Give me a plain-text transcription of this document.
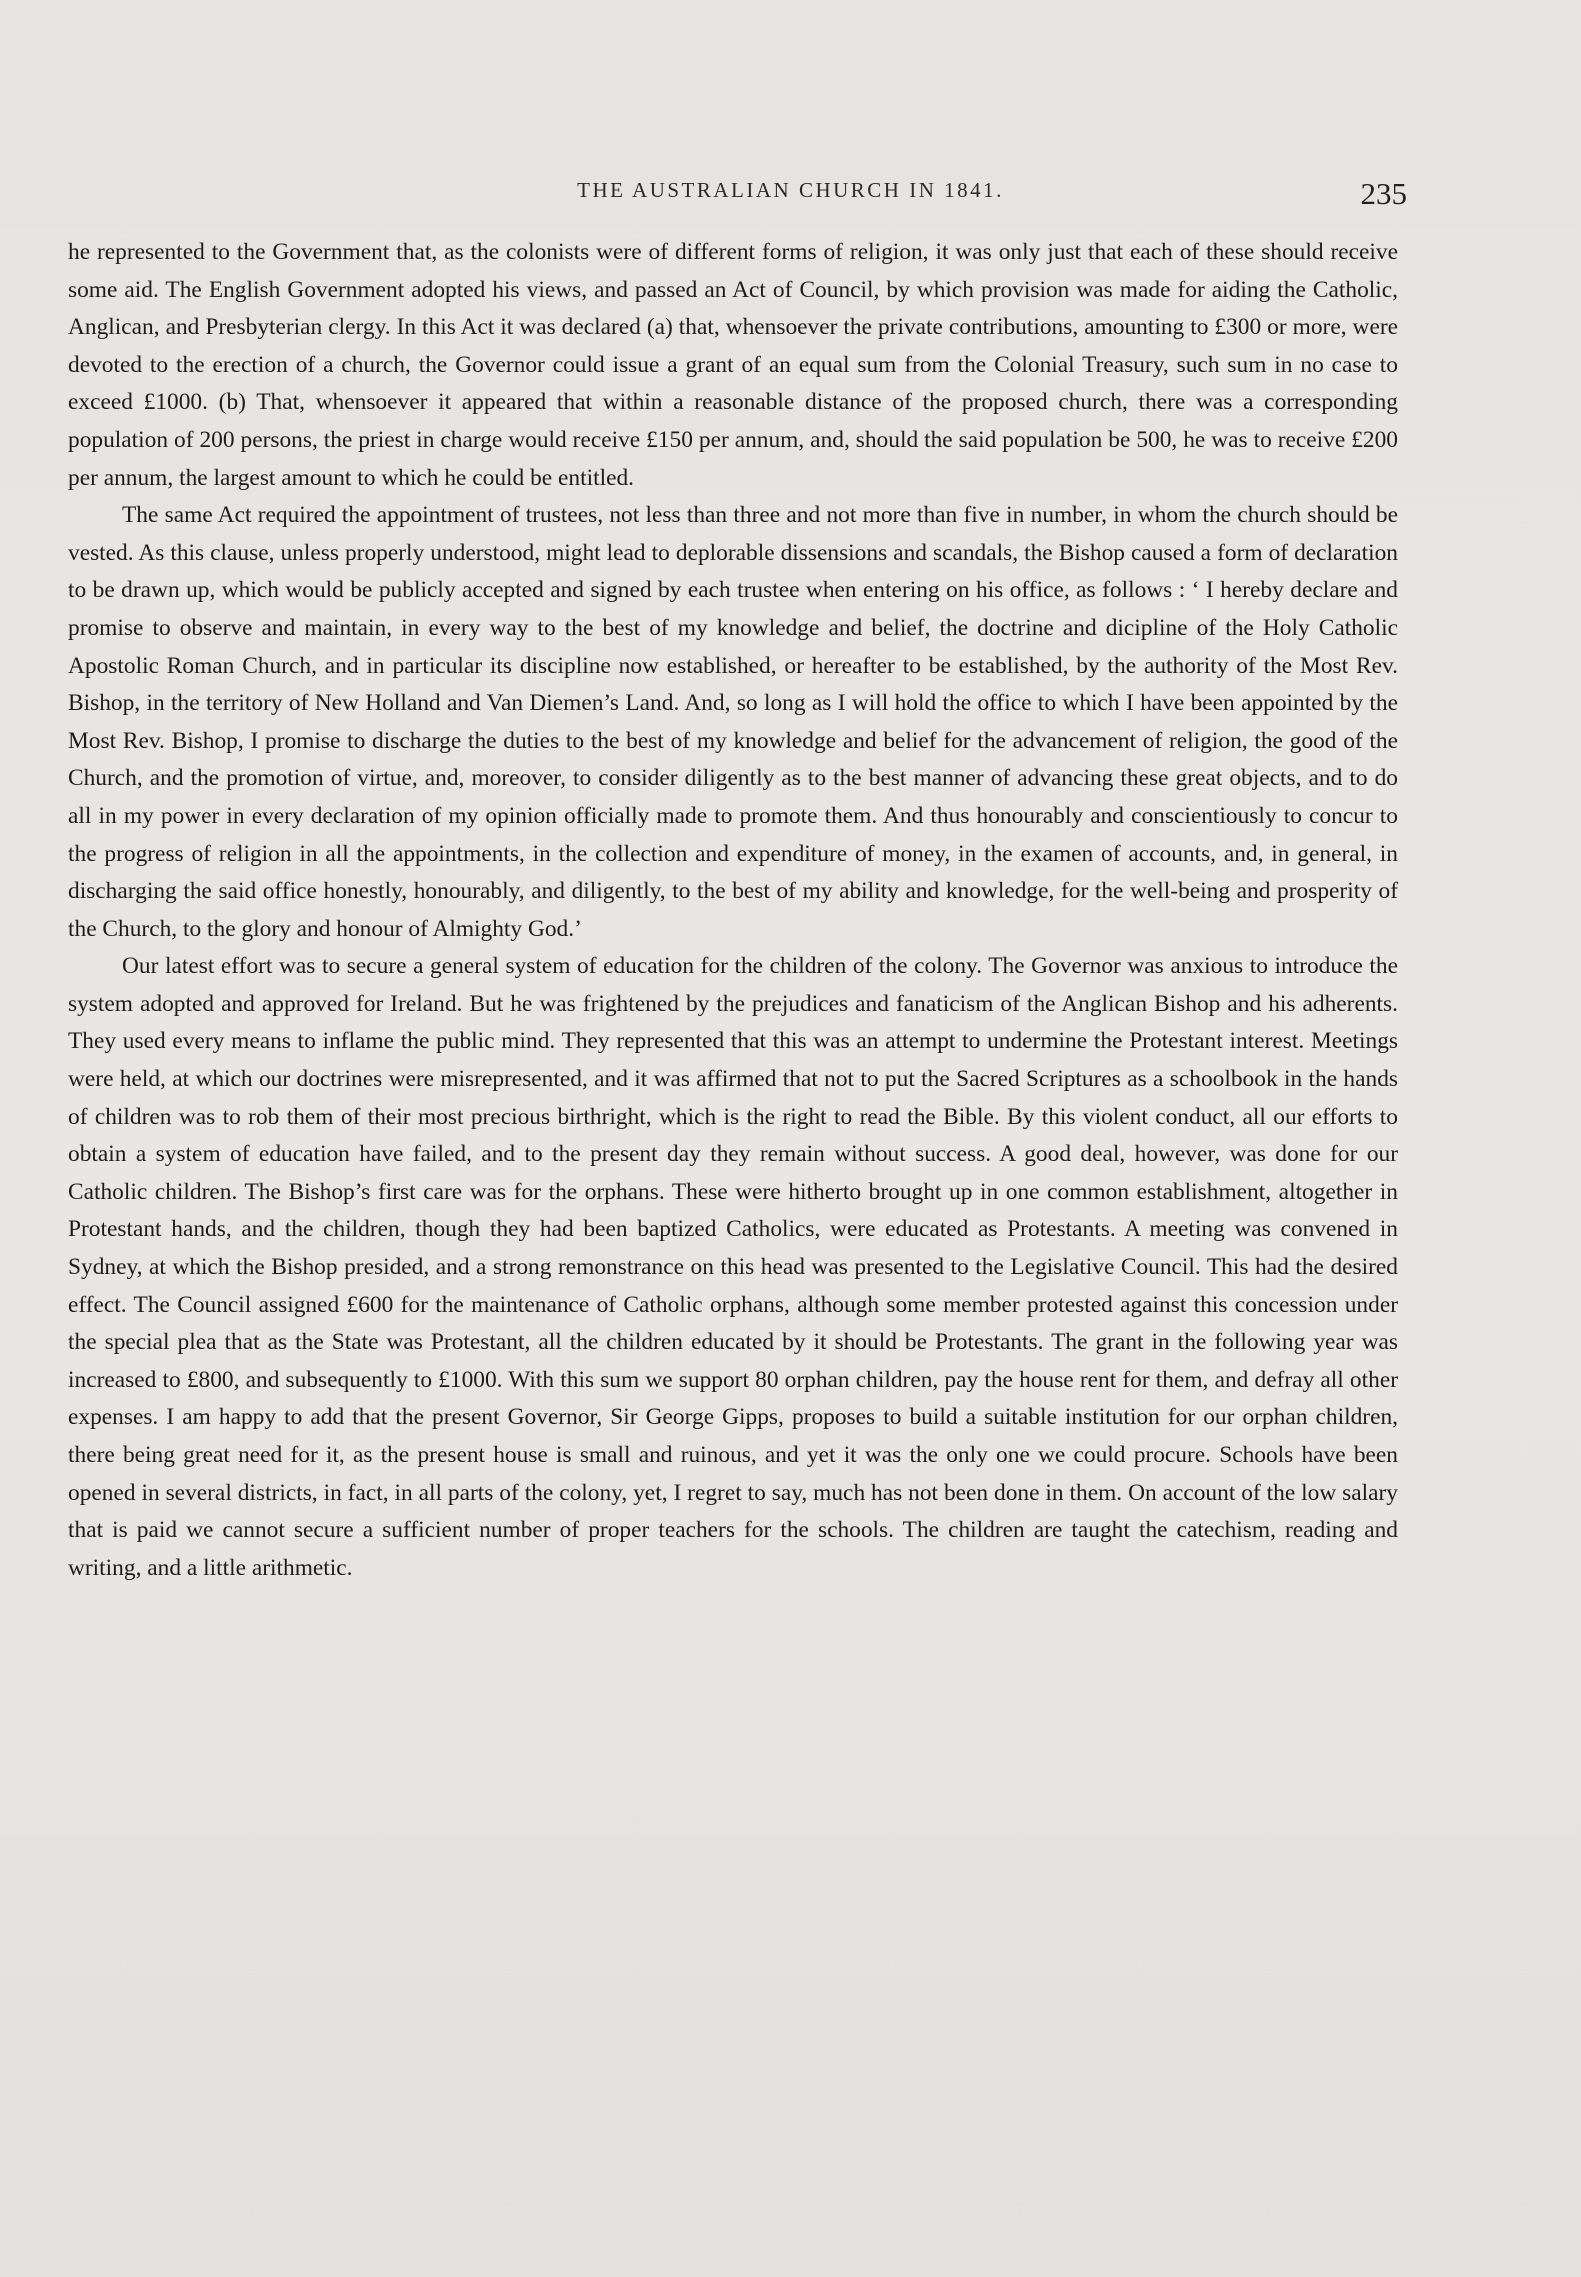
THE AUSTRALIAN CHURCH IN 1841.	235

he represented to the Government that, as the colonists were of different forms of religion, it was only just that each of these should receive some aid. The English Government adopted his views, and passed an Act of Council, by which provision was made for aiding the Catholic, Anglican, and Presbyterian clergy. In this Act it was declared (a) that, whensoever the private contributions, amounting to £300 or more, were devoted to the erection of a church, the Governor could issue a grant of an equal sum from the Colonial Treasury, such sum in no case to exceed £1000. (b) That, whensoever it appeared that within a reasonable distance of the proposed church, there was a corresponding population of 200 persons, the priest in charge would receive £150 per annum, and, should the said population be 500, he was to receive £200 per annum, the largest amount to which he could be entitled.

The same Act required the appointment of trustees, not less than three and not more than five in number, in whom the church should be vested. As this clause, unless properly understood, might lead to deplorable dissensions and scandals, the Bishop caused a form of declaration to be drawn up, which would be publicly accepted and signed by each trustee when entering on his office, as follows : ‘ I hereby declare and promise to observe and maintain, in every way to the best of my knowledge and belief, the doctrine and dicipline of the Holy Catholic Apostolic Roman Church, and in particular its discipline now established, or hereafter to be established, by the authority of the Most Rev. Bishop, in the territory of New Holland and Van Diemen’s Land. And, so long as I will hold the office to which I have been appointed by the Most Rev. Bishop, I promise to discharge the duties to the best of my knowledge and belief for the advancement of religion, the good of the Church, and the promotion of virtue, and, moreover, to consider diligently as to the best manner of advancing these great objects, and to do all in my power in every declaration of my opinion officially made to promote them. And thus honourably and conscientiously to concur to the progress of religion in all the appointments, in the collection and expenditure of money, in the examen of accounts, and, in general, in discharging the said office honestly, honourably, and diligently, to the best of my ability and knowledge, for the well-being and prosperity of the Church, to the glory and honour of Almighty God.’

Our latest effort was to secure a general system of education for the children of the colony. The Governor was anxious to introduce the system adopted and approved for Ireland. But he was frightened by the prejudices and fanaticism of the Anglican Bishop and his adherents. They used every means to inflame the public mind. They represented that this was an attempt to undermine the Protestant interest. Meetings were held, at which our doctrines were misrepresented, and it was affirmed that not to put the Sacred Scriptures as a schoolbook in the hands of children was to rob them of their most precious birthright, which is the right to read the Bible. By this violent conduct, all our efforts to obtain a system of education have failed, and to the present day they remain without success. A good deal, however, was done for our Catholic children. The Bishop’s first care was for the orphans. These were hitherto brought up in one common establishment, altogether in Protestant hands, and the children, though they had been baptized Catholics, were educated as Protestants. A meeting was convened in Sydney, at which the Bishop presided, and a strong remonstrance on this head was presented to the Legislative Council. This had the desired effect. The Council assigned £600 for the maintenance of Catholic orphans, although some member protested against this concession under the special plea that as the State was Protestant, all the children educated by it should be Protestants. The grant in the following year was increased to £800, and subsequently to £1000. With this sum we support 80 orphan children, pay the house rent for them, and defray all other expenses. I am happy to add that the present Governor, Sir George Gipps, proposes to build a suitable institution for our orphan children, there being great need for it, as the present house is small and ruinous, and yet it was the only one we could procure. Schools have been opened in several districts, in fact, in all parts of the colony, yet, I regret to say, much has not been done in them. On account of the low salary that is paid we cannot secure a sufficient number of proper teachers for the schools. The children are taught the catechism, reading and writing, and a little arithmetic.
